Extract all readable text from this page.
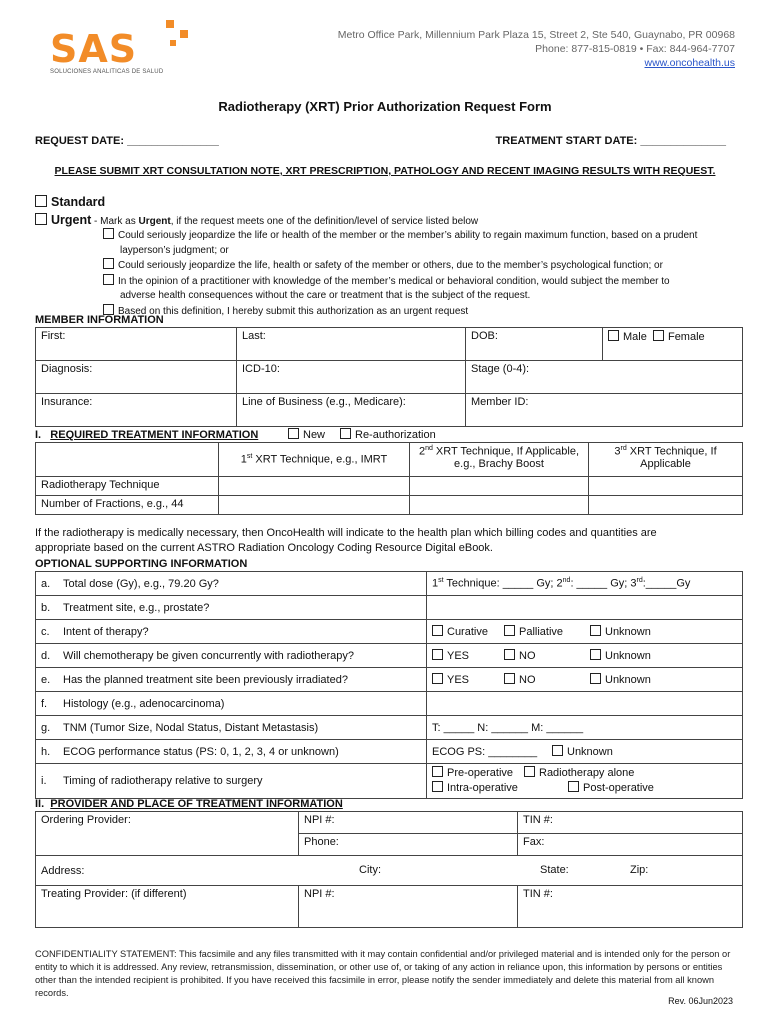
SAS
SOLUCIONES ANALITICAS DE SALUD
Metro Office Park, Millennium Park Plaza 15, Street 2, Ste 540, Guaynabo, PR 00968
Phone: 877-815-0819 • Fax: 844-964-7707
www.oncohealth.us
Radiotherapy (XRT) Prior Authorization Request Form
REQUEST DATE: _______________	TREATMENT START DATE: ______________
PLEASE SUBMIT XRT CONSULTATION NOTE, XRT PRESCRIPTION, PATHOLOGY AND RECENT IMAGING RESULTS WITH REQUEST.
Standard
Urgent - Mark as Urgent, if the request meets one of the definition/level of service listed below
Could seriously jeopardize the life or health of the member or the member’s ability to regain maximum function, based on a prudent
layperson’s judgment; or
Could seriously jeopardize the life, health or safety of the member or others, due to the member’s psychological function; or
In the opinion of a practitioner with knowledge of the member’s medical or behavioral condition, would subject the member to
adverse health consequences without the care or treatment that is the subject of the request.
Based on this definition, I hereby submit this authorization as an urgent request
MEMBER INFORMATION
First:	Last:	DOB:	Male Female
Diagnosis:	ICD-10:	Stage (0-4):	
Insurance:	Line of Business (e.g., Medicare):	Member ID:	
I. REQUIRED TREATMENT INFORMATION	New	Re-authorization
	1st XRT Technique, e.g., IMRT	2nd XRT Technique, If Applicable,
e.g., Brachy Boost	3rd XRT Technique, If
Applicable
Radiotherapy Technique			
Number of Fractions, e.g., 44			
If the radiotherapy is medically necessary, then OncoHealth will indicate to the health plan which billing codes and quantities are
appropriate based on the current ASTRO Radiation Oncology Coding Resource Digital eBook.
OPTIONAL SUPPORTING INFORMATION
a. Total dose (Gy), e.g., 79.20 Gy?	1st Technique: _____ Gy; 2nd: _____ Gy; 3rd:_____Gy
b. Treatment site, e.g., prostate?	
c. Intent of therapy?	Curative Palliative Unknown
d. Will chemotherapy be given concurrently with radiotherapy?	YES NO Unknown
e. Has the planned treatment site been previously irradiated?	YES NO Unknown
f. Histology (e.g., adenocarcinoma)	
g. TNM (Tumor Size, Nodal Status, Distant Metastasis)	T: _____ N: ______ M: ______
h. ECOG performance status (PS: 0, 1, 2, 3, 4 or unknown)	ECOG PS: ________ Unknown
i. Timing of radiotherapy relative to surgery	Pre-operative Radiotherapy alone
Intra-operative Post-operative
II. PROVIDER AND PLACE OF TREATMENT INFORMATION
Ordering Provider:	NPI #:	TIN #:
	Phone:	Fax:
Address: City: State: Zip:		

Treating Provider: (if different)	NPI #:	TIN #:
CONFIDENTIALITY STATEMENT: This facsimile and any files transmitted with it may contain confidential and/or privileged material and is intended only for the person or entity to which it is addressed. Any review, retransmission, dissemination, or other use of, or taking of any action in reliance upon, this information by persons or entities other than the intended recipient is prohibited. If you have received this facsimile in error, please notify the sender immediately and delete this material from all known records.
Rev. 06Jun2023
